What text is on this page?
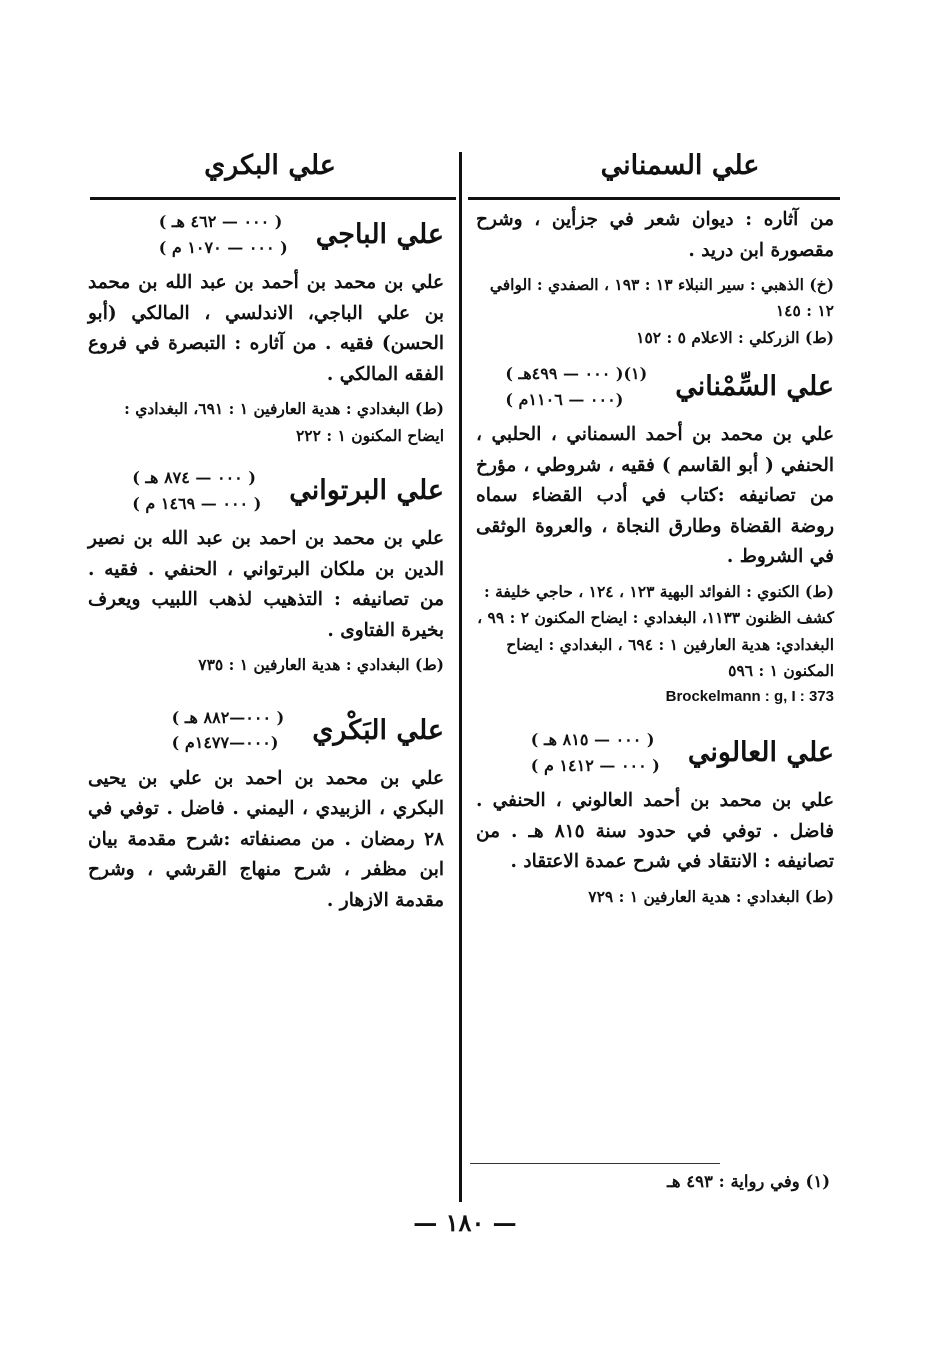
علي السمناني
علي البكري

من آثاره : ديوان شعر في جزأين ، وشرح مقصورة ابن دريد .

(خ) الذهبي : سير النبلاء ١٣ : ١٩٣ ، الصفدي : الوافي ١٢ : ١٤٥
(ط) الزركلي : الاعلام ٥ : ١٥٢

علي السِّمْناني
( ٠٠٠ — ٤٩٩هـ )(١)
( ٠٠٠ — ١١٠٦م)

علي بن محمد بن أحمد السمناني ، الحلبي ، الحنفي ( أبو القاسم ) فقيه ، شروطي ، مؤرخ من تصانيفه :كتاب في أدب القضاء سماه روضة القضاة وطارق النجاة ، والعروة الوثقى في الشروط .

(ط) الكنوي : الفوائد البهية ١٢٣ ، ١٢٤ ، حاجي خليفة : كشف الظنون ١١٣٣، البغدادي : ايضاح المكنون ٢ : ٩٩ ، البغدادي: هدية العارفين ١ : ٦٩٤ ، البغدادي : ايضاح المكنون ١ : ٥٩٦

Brockelmann : g, I : 373
علي العالوني
( ٠٠٠ — ٨١٥ هـ )
( ٠٠٠ — ١٤١٢ م )

علي بن محمد بن أحمد العالوني ، الحنفي . فاضل . توفي في حدود سنة ٨١٥ هـ . من تصانيفه : الانتقاد في شرح عمدة الاعتقاد .

(ط) البغدادي : هدية العارفين ١ : ٧٢٩

علي الباجي
( ٠٠٠ — ٤٦٢ هـ )
( ٠٠٠ — ١٠٧٠ م )

علي بن محمد بن أحمد بن عبد الله بن محمد بن علي الباجي، الاندلسي ، المالكي (أبو الحسن) فقيه . من آثاره : التبصرة في فروع الفقه المالكي .

(ط) البغدادي : هدية العارفين ١ : ٦٩١، البغدادي : ايضاح المكنون ١ : ٢٢٢

علي البرتواني
( ٠٠٠ — ٨٧٤ هـ )
( ٠٠٠ — ١٤٦٩ م )

علي بن محمد بن احمد بن عبد الله بن نصير الدين بن ملكان البرتواني ، الحنفي . فقيه . من تصانيفه : التذهيب لذهب اللبيب ويعرف بخيرة الفتاوى .

(ط) البغدادي : هدية العارفين ١ : ٧٣٥

علي البَكْري
( ٠٠٠—٨٨٢ هـ )
( ٠٠٠—١٤٧٧م)

علي بن محمد بن احمد بن علي بن يحيى البكري ، الزبيدي ، اليمني . فاضل . توفي في ٢٨ رمضان . من مصنفاته :شرح مقدمة بيان ابن مظفر ، شرح منهاج القرشي ، وشرح مقدمة الازهار .

(١) وفي رواية : ٤٩٣ هـ
— ١٨٠ —
